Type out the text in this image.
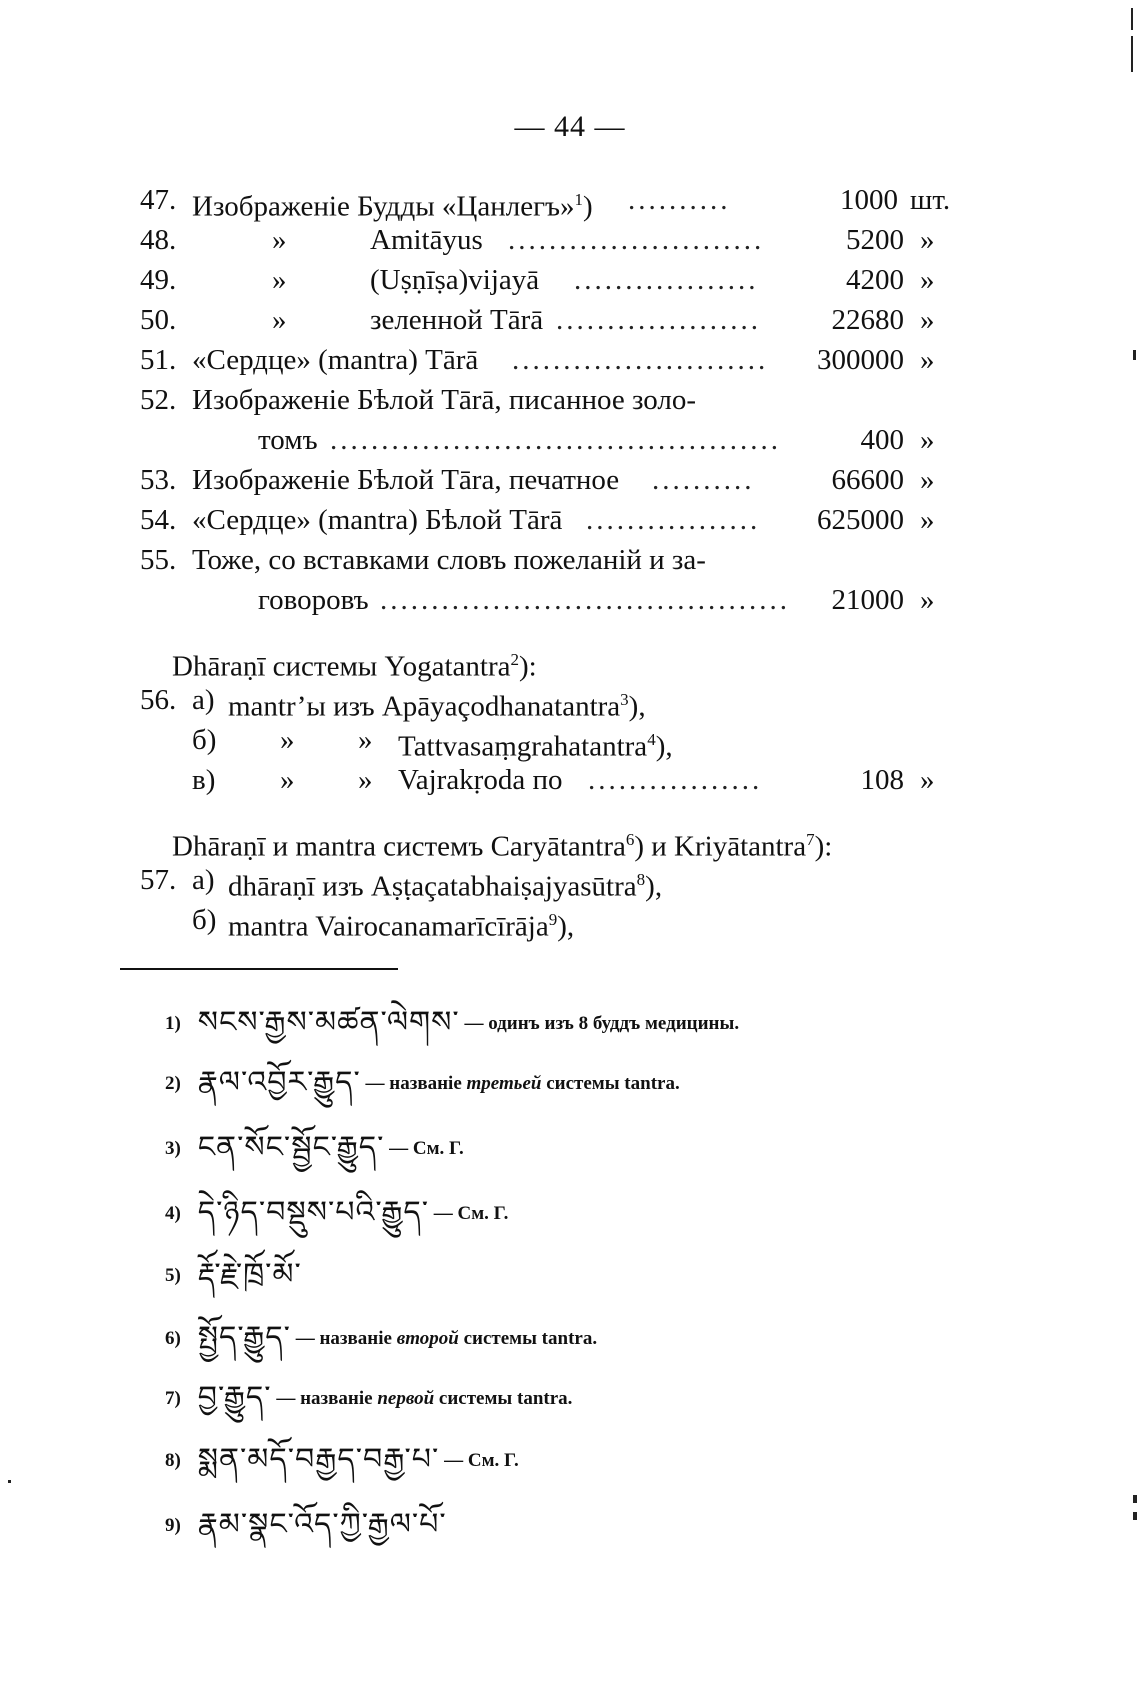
— 44 —
47. Изображеніе Будды «Цанлегъ»$^1$) ..........	1000 шт.
48.	»	Amitāyus .........................	5200 »
49.	»	(Uṣṇīṣa)vijayā ..................	4200 »
50.	»	зеленной Tārā .................... 22680 »
51. «Сердце» (mantra) Tārā ......................... 300000 »
52. Изображеніе Бѣлой Tārā, писанное золо-
томъ ............................................	400 »
53. Изображеніе Бѣлой Tāra, печатное ..........	66600 »
54. «Сердце» (mantra) Бѣлой Tārā ................. 625000 »
55. Тоже, со вставками словъ пожеланій и за-
говоровъ ........................................ 21000 »
Dhāraṇī системы Yogatantra$^2$):
56. a) mantr’ы изъ Apāyaçodhanatantra$^3$),
б) » » Tattvasaṃgrahatantra$^4$),
в) » » Vajrakṛoda по .................	108 »
Dhāraṇī и mantra системъ Caryātantra$^6$) и Kriyātantra$^7$):
57. a) dhāraṇī изъ Aṣṭaçatabhaiṣajyasūtra$^8$),
б) mantra Vairocanamarīcīrāja$^9$),
1) སངས་རྒྱས་མཚན་ལེགས་ — одинъ изъ 8 буддъ медицины.
2) རྣལ་འབྱོར་རྒྱུད་ — названіе третьей системы tantra.
3) ངན་སོང་སྦྱོང་རྒྱུད་ — См. Г.
4) དེ་ཉིད་བསྡུས་པའི་རྒྱུད་ — См. Г.
5) རྡོ་རྗེ་ཁྲོ་མོ་
6) སྤྱོད་རྒྱུད་ — названіе второй системы tantra.
7) བྱ་རྒྱུད་ — названіе первой системы tantra.
8) སྨན་མདོ་བརྒྱད་བརྒྱ་པ་ — См. Г.
9) རྣམ་སྣང་འོད་ཀྱི་རྒྱལ་པོ་
